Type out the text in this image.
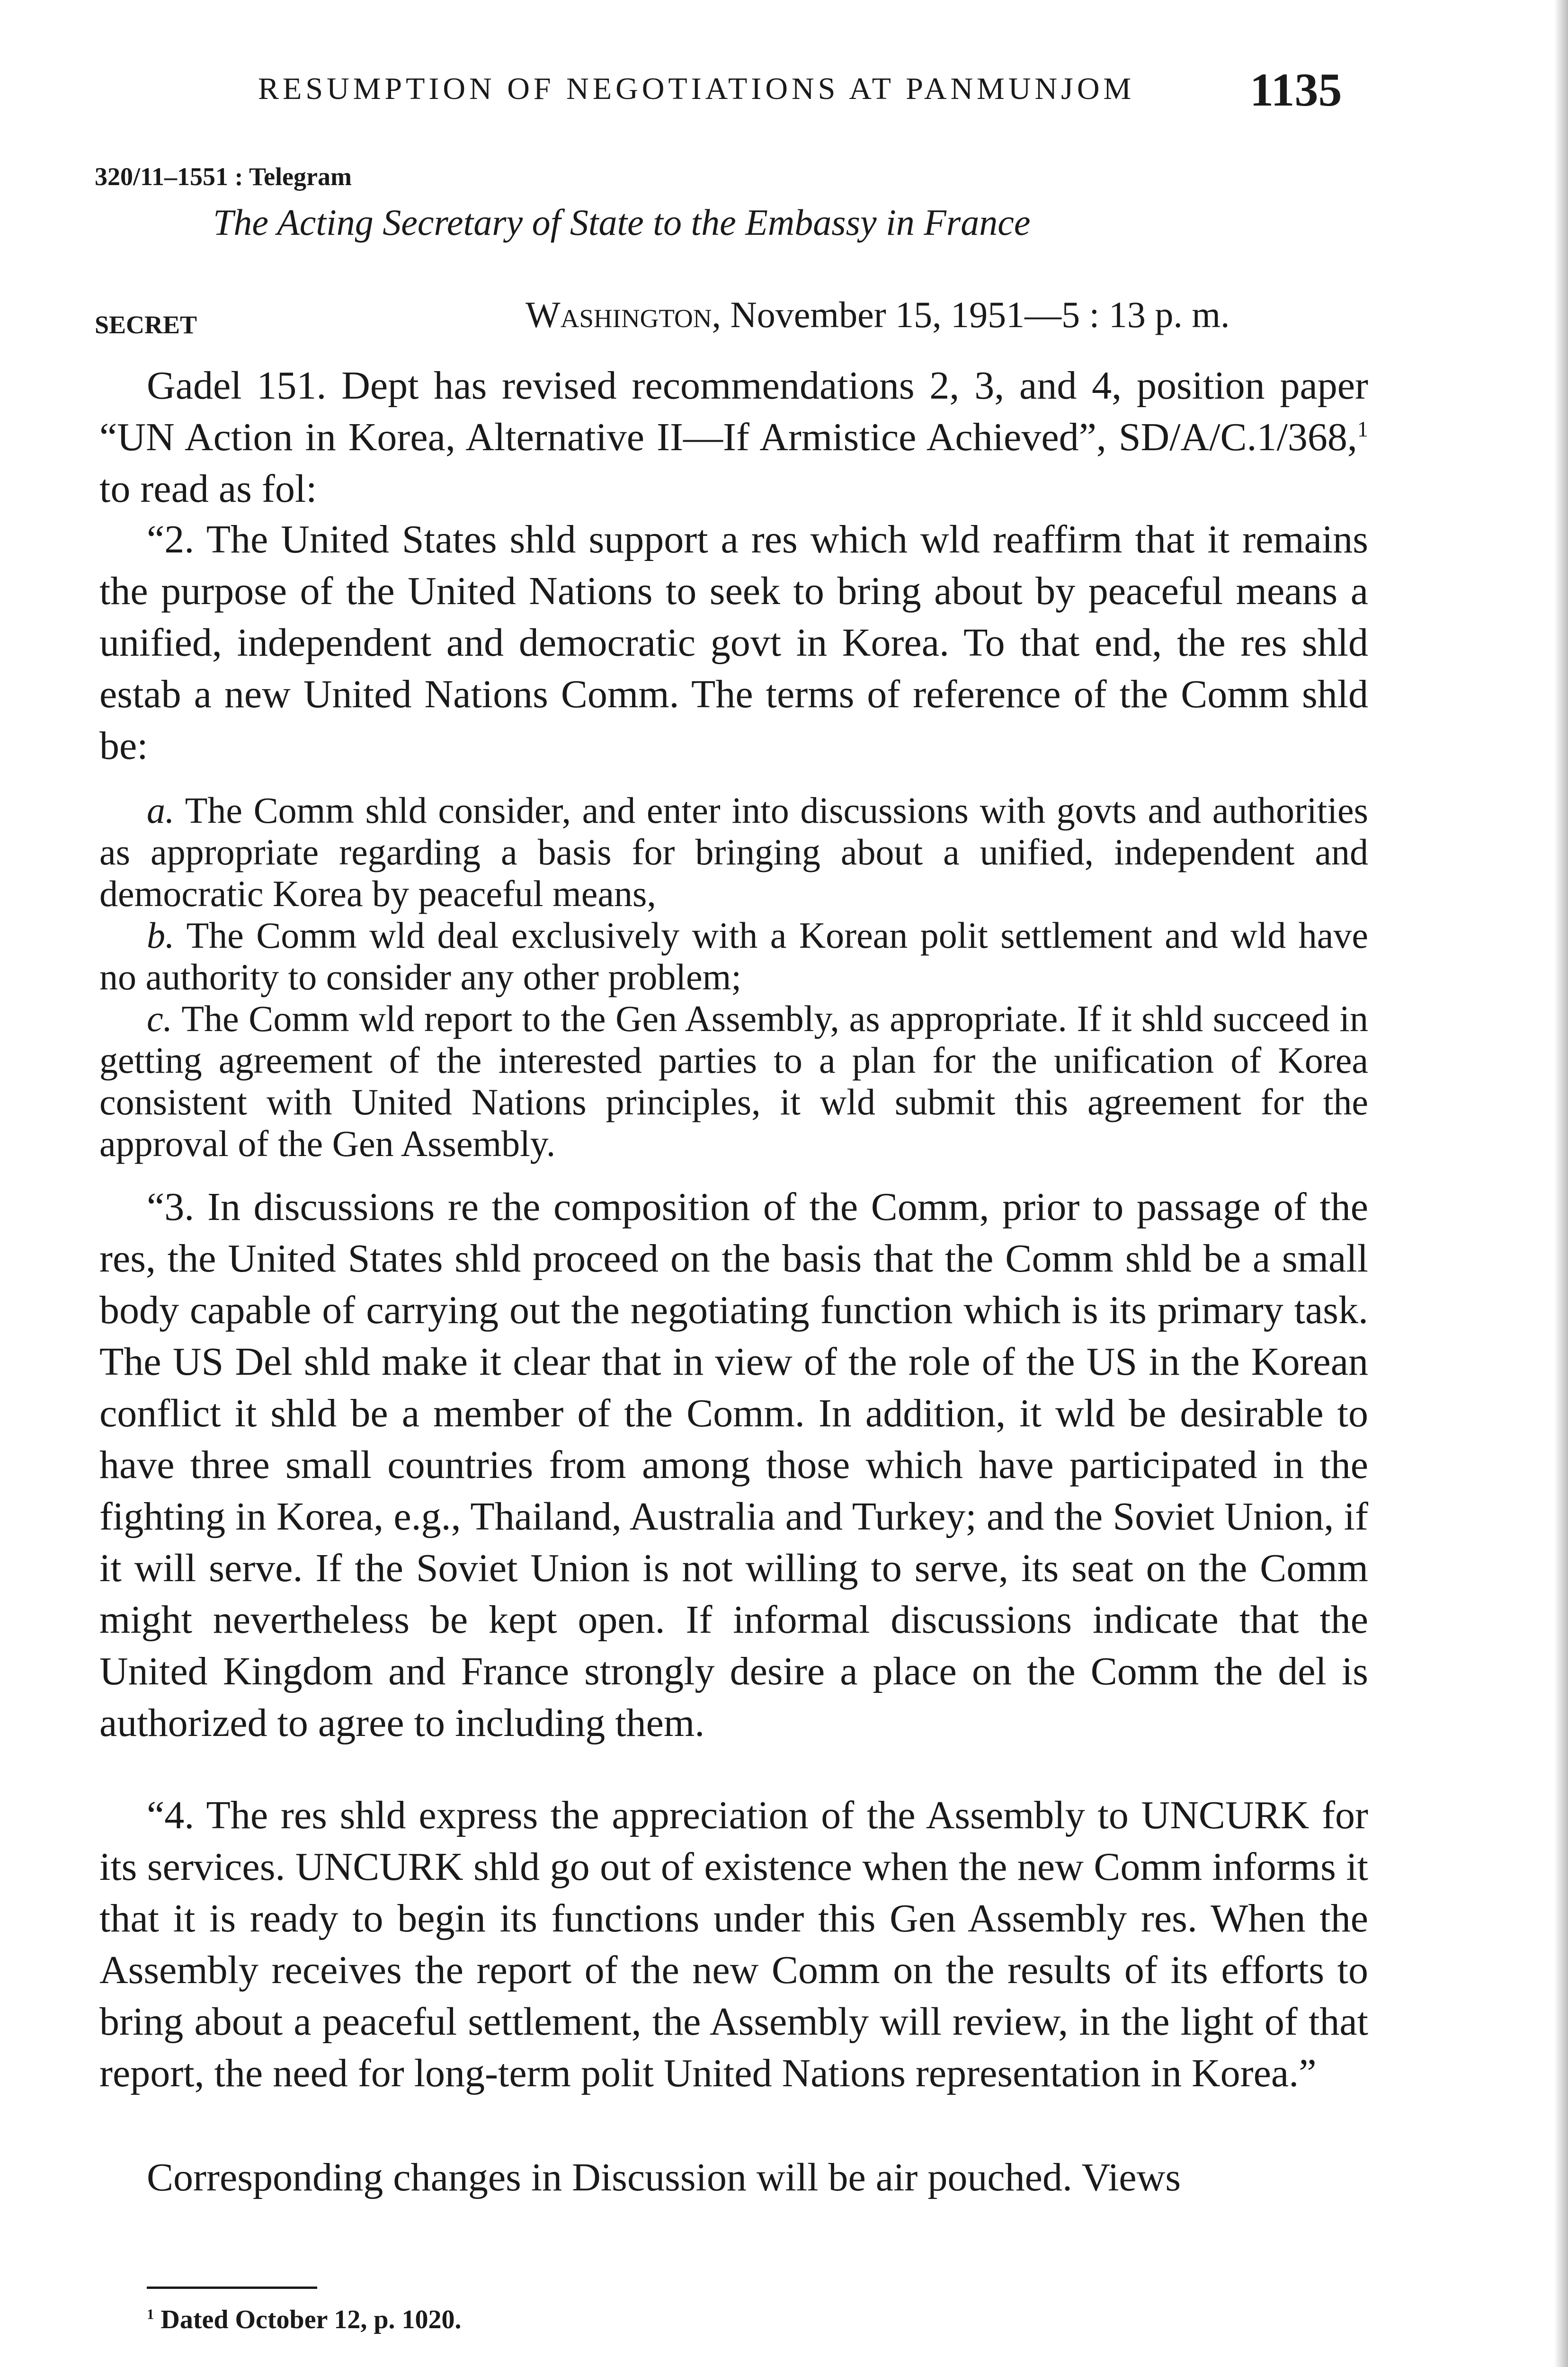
RESUMPTION OF NEGOTIATIONS AT PANMUNJOM 1135
320/11–1551 : Telegram
The Acting Secretary of State to the Embassy in France
SECRET	Washington, November 15, 1951—5 : 13 p. m.

Gadel 151. Dept has revised recommendations 2, 3, and 4, position paper “UN Action in Korea, Alternative II—If Armistice Achieved”, SD/A/C.1/368,$^1$ to read as fol:

“2. The United States shld support a res which wld reaffirm that it remains the purpose of the United Nations to seek to bring about by peaceful means a unified, independent and democratic govt in Korea. To that end, the res shld estab a new United Nations Comm. The terms of reference of the Comm shld be:

a. The Comm shld consider, and enter into discussions with govts and authorities as appropriate regarding a basis for bringing about a unified, independent and democratic Korea by peaceful means,

b. The Comm wld deal exclusively with a Korean polit settlement and wld have no authority to consider any other problem;

c. The Comm wld report to the Gen Assembly, as appropriate. If it shld succeed in getting agreement of the interested parties to a plan for the unification of Korea consistent with United Nations principles, it wld submit this agreement for the approval of the Gen Assembly.

“3. In discussions re the composition of the Comm, prior to passage of the res, the United States shld proceed on the basis that the Comm shld be a small body capable of carrying out the negotiating function which is its primary task. The US Del shld make it clear that in view of the role of the US in the Korean conflict it shld be a member of the Comm. In addition, it wld be desirable to have three small countries from among those which have participated in the fighting in Korea, e.g., Thailand, Australia and Turkey; and the Soviet Union, if it will serve. If the Soviet Union is not willing to serve, its seat on the Comm might nevertheless be kept open. If informal discussions indicate that the United Kingdom and France strongly desire a place on the Comm the del is authorized to agree to including them.

“4. The res shld express the appreciation of the Assembly to UNCURK for its services. UNCURK shld go out of existence when the new Comm informs it that it is ready to begin its functions under this Gen Assembly res. When the Assembly receives the report of the new Comm on the results of its efforts to bring about a peaceful settlement, the Assembly will review, in the light of that report, the need for long-term polit United Nations representation in Korea.”

Corresponding changes in Discussion will be air pouched. Views

$^1$ Dated October 12, p. 1020.
